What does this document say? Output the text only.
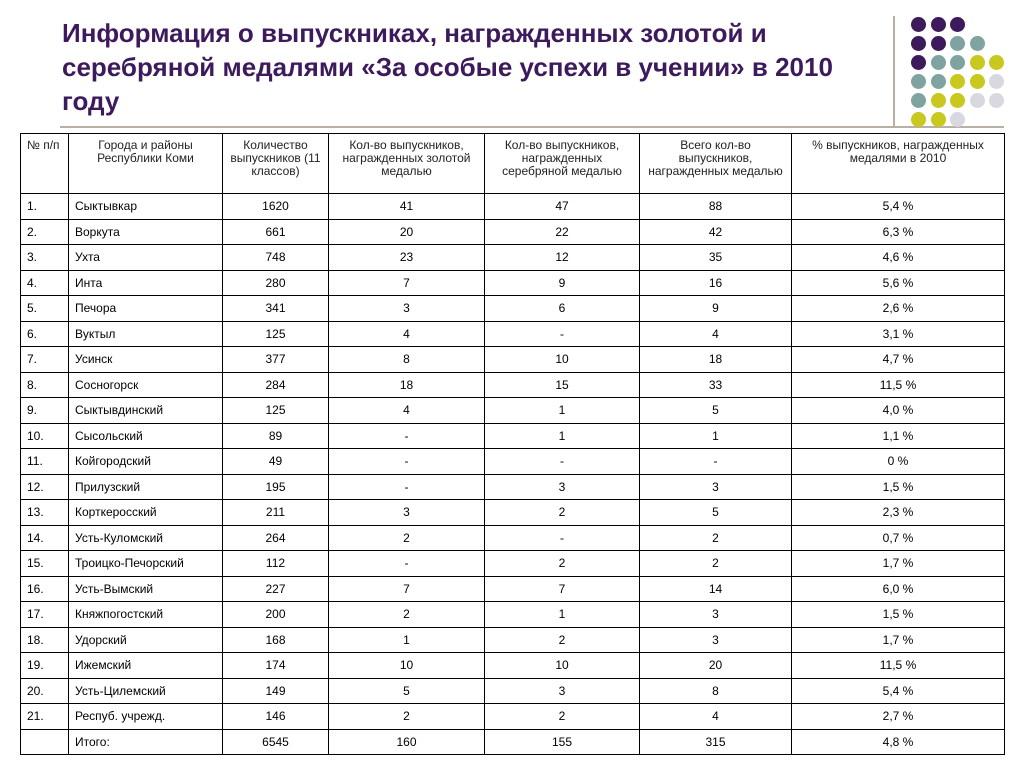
Информация о выпускниках, награжденных золотой и серебряной медалями «За особые успехи в учении» в 2010 году
№ п/п	Города и районы Республики Коми	Количество выпускников (11 классов)	Кол-во выпускников, награжденных золотой медалью	Кол-во выпускников, награжденных серебряной медалью	Всего кол-во выпускников, награжденных медалью	% выпускников, награжденных медалями в 2010
1.	Сыктывкар	1620	41	47	88	5,4 %
2.	Воркута	661	20	22	42	6,3 %
3.	Ухта	748	23	12	35	4,6 %
4.	Инта	280	7	9	16	5,6 %
5.	Печора	341	3	6	9	2,6 %
6.	Вуктыл	125	4	-	4	3,1 %
7.	Усинск	377	8	10	18	4,7 %
8.	Сосногорск	284	18	15	33	11,5 %
9.	Сыктывдинский	125	4	1	5	4,0 %
10.	Сысольский	89	-	1	1	1,1 %
11.	Койгородский	49	-	-	-	0 %
12.	Прилузский	195	-	3	3	1,5 %
13.	Корткеросский	211	3	2	5	2,3 %
14.	Усть-Куломский	264	2	-	2	0,7 %
15.	Троицко-Печорский	112	-	2	2	1,7 %
16.	Усть-Вымский	227	7	7	14	6,0 %
17.	Княжпогостский	200	2	1	3	1,5 %
18.	Удорский	168	1	2	3	1,7 %
19.	Ижемский	174	10	10	20	11,5 %
20.	Усть-Цилемский	149	5	3	8	5,4 %
21.	Респуб. учрежд.	146	2	2	4	2,7 %
	Итого:	6545	160	155	315	4,8 %
